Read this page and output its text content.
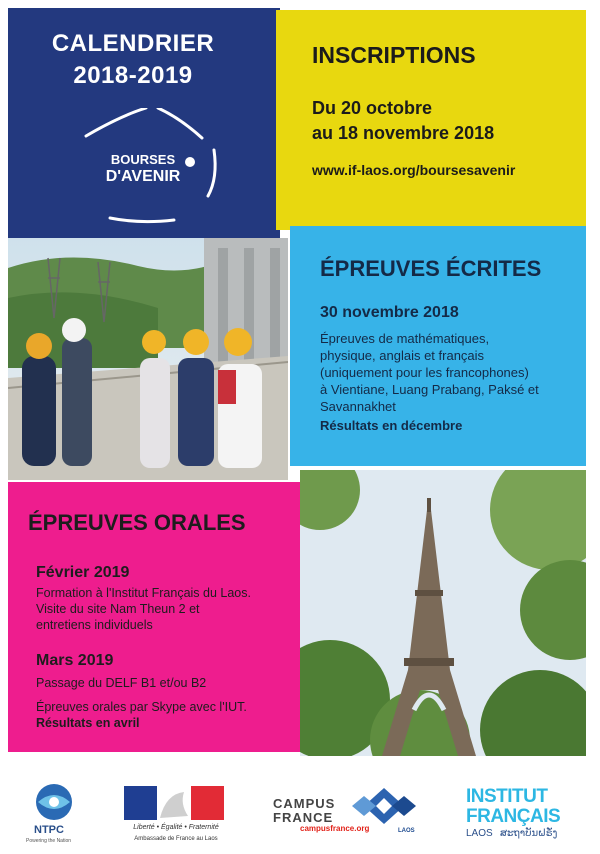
CALENDRIER
2018-2019
BOURSES
D'AVENIR
INSCRIPTIONS
Du 20 octobre
au 18 novembre 2018
www.if-laos.org/boursesavenir
ÉPREUVES ÉCRITES
30 novembre 2018
Épreuves de mathématiques,
physique, anglais et français
(uniquement pour les francophones)
à Vientiane, Luang Prabang, Paksé et
Savannakhet
Résultats en décembre
ÉPREUVES ORALES
Février 2019
Formation à l'Institut Français du Laos.
Visite du site Nam Theun 2 et
entretiens individuels
Mars 2019
Passage du DELF B1 et/ou B2
Épreuves orales par Skype avec l'IUT.
Résultats en avril
NTPC
Powering the Nation
Liberté • Égalité • Fraternité
Ambassade de France au Laos
CAMPUS
FRANCE
campusfrance.org	LAOS
INSTITUT
FRANÇAIS
LAOS ສະຖາບັນຝຣັ່ງ
